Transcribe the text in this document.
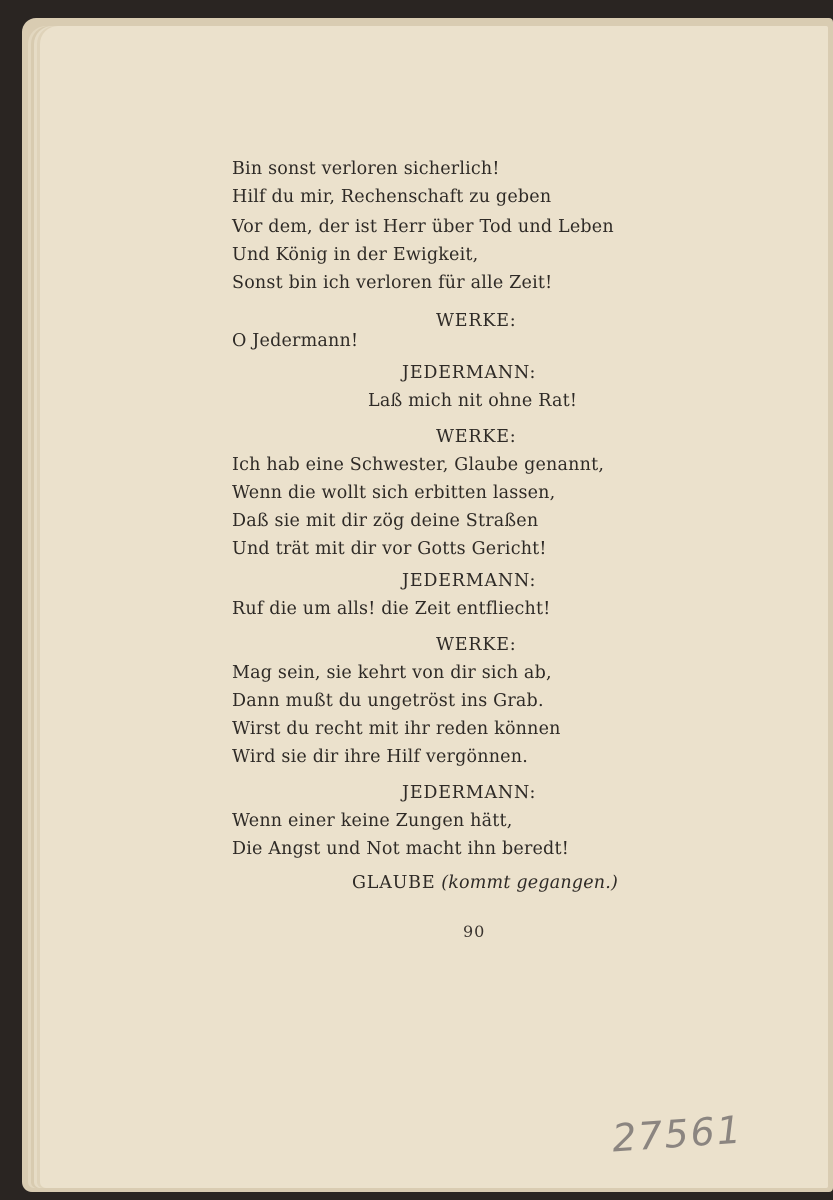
Bin sonst verloren sicherlich!
Hilf du mir, Rechenschaft zu geben
Vor dem, der ist Herr über Tod und Leben
Und König in der Ewigkeit,
Sonst bin ich verloren für alle Zeit!
WERKE:
O Jedermann!
JEDERMANN:
Laß mich nit ohne Rat!
WERKE:
Ich hab eine Schwester, Glaube genannt,
Wenn die wollt sich erbitten lassen,
Daß sie mit dir zög deine Straßen
Und trät mit dir vor Gotts Gericht!
JEDERMANN:
Ruf die um alls! die Zeit entfliecht!
WERKE:
Mag sein, sie kehrt von dir sich ab,
Dann mußt du ungetröst ins Grab.
Wirst du recht mit ihr reden können
Wird sie dir ihre Hilf vergönnen.
JEDERMANN:
Wenn einer keine Zungen hätt,
Die Angst und Not macht ihn beredt!
GLAUBE (kommt gegangen.)
90
27561
